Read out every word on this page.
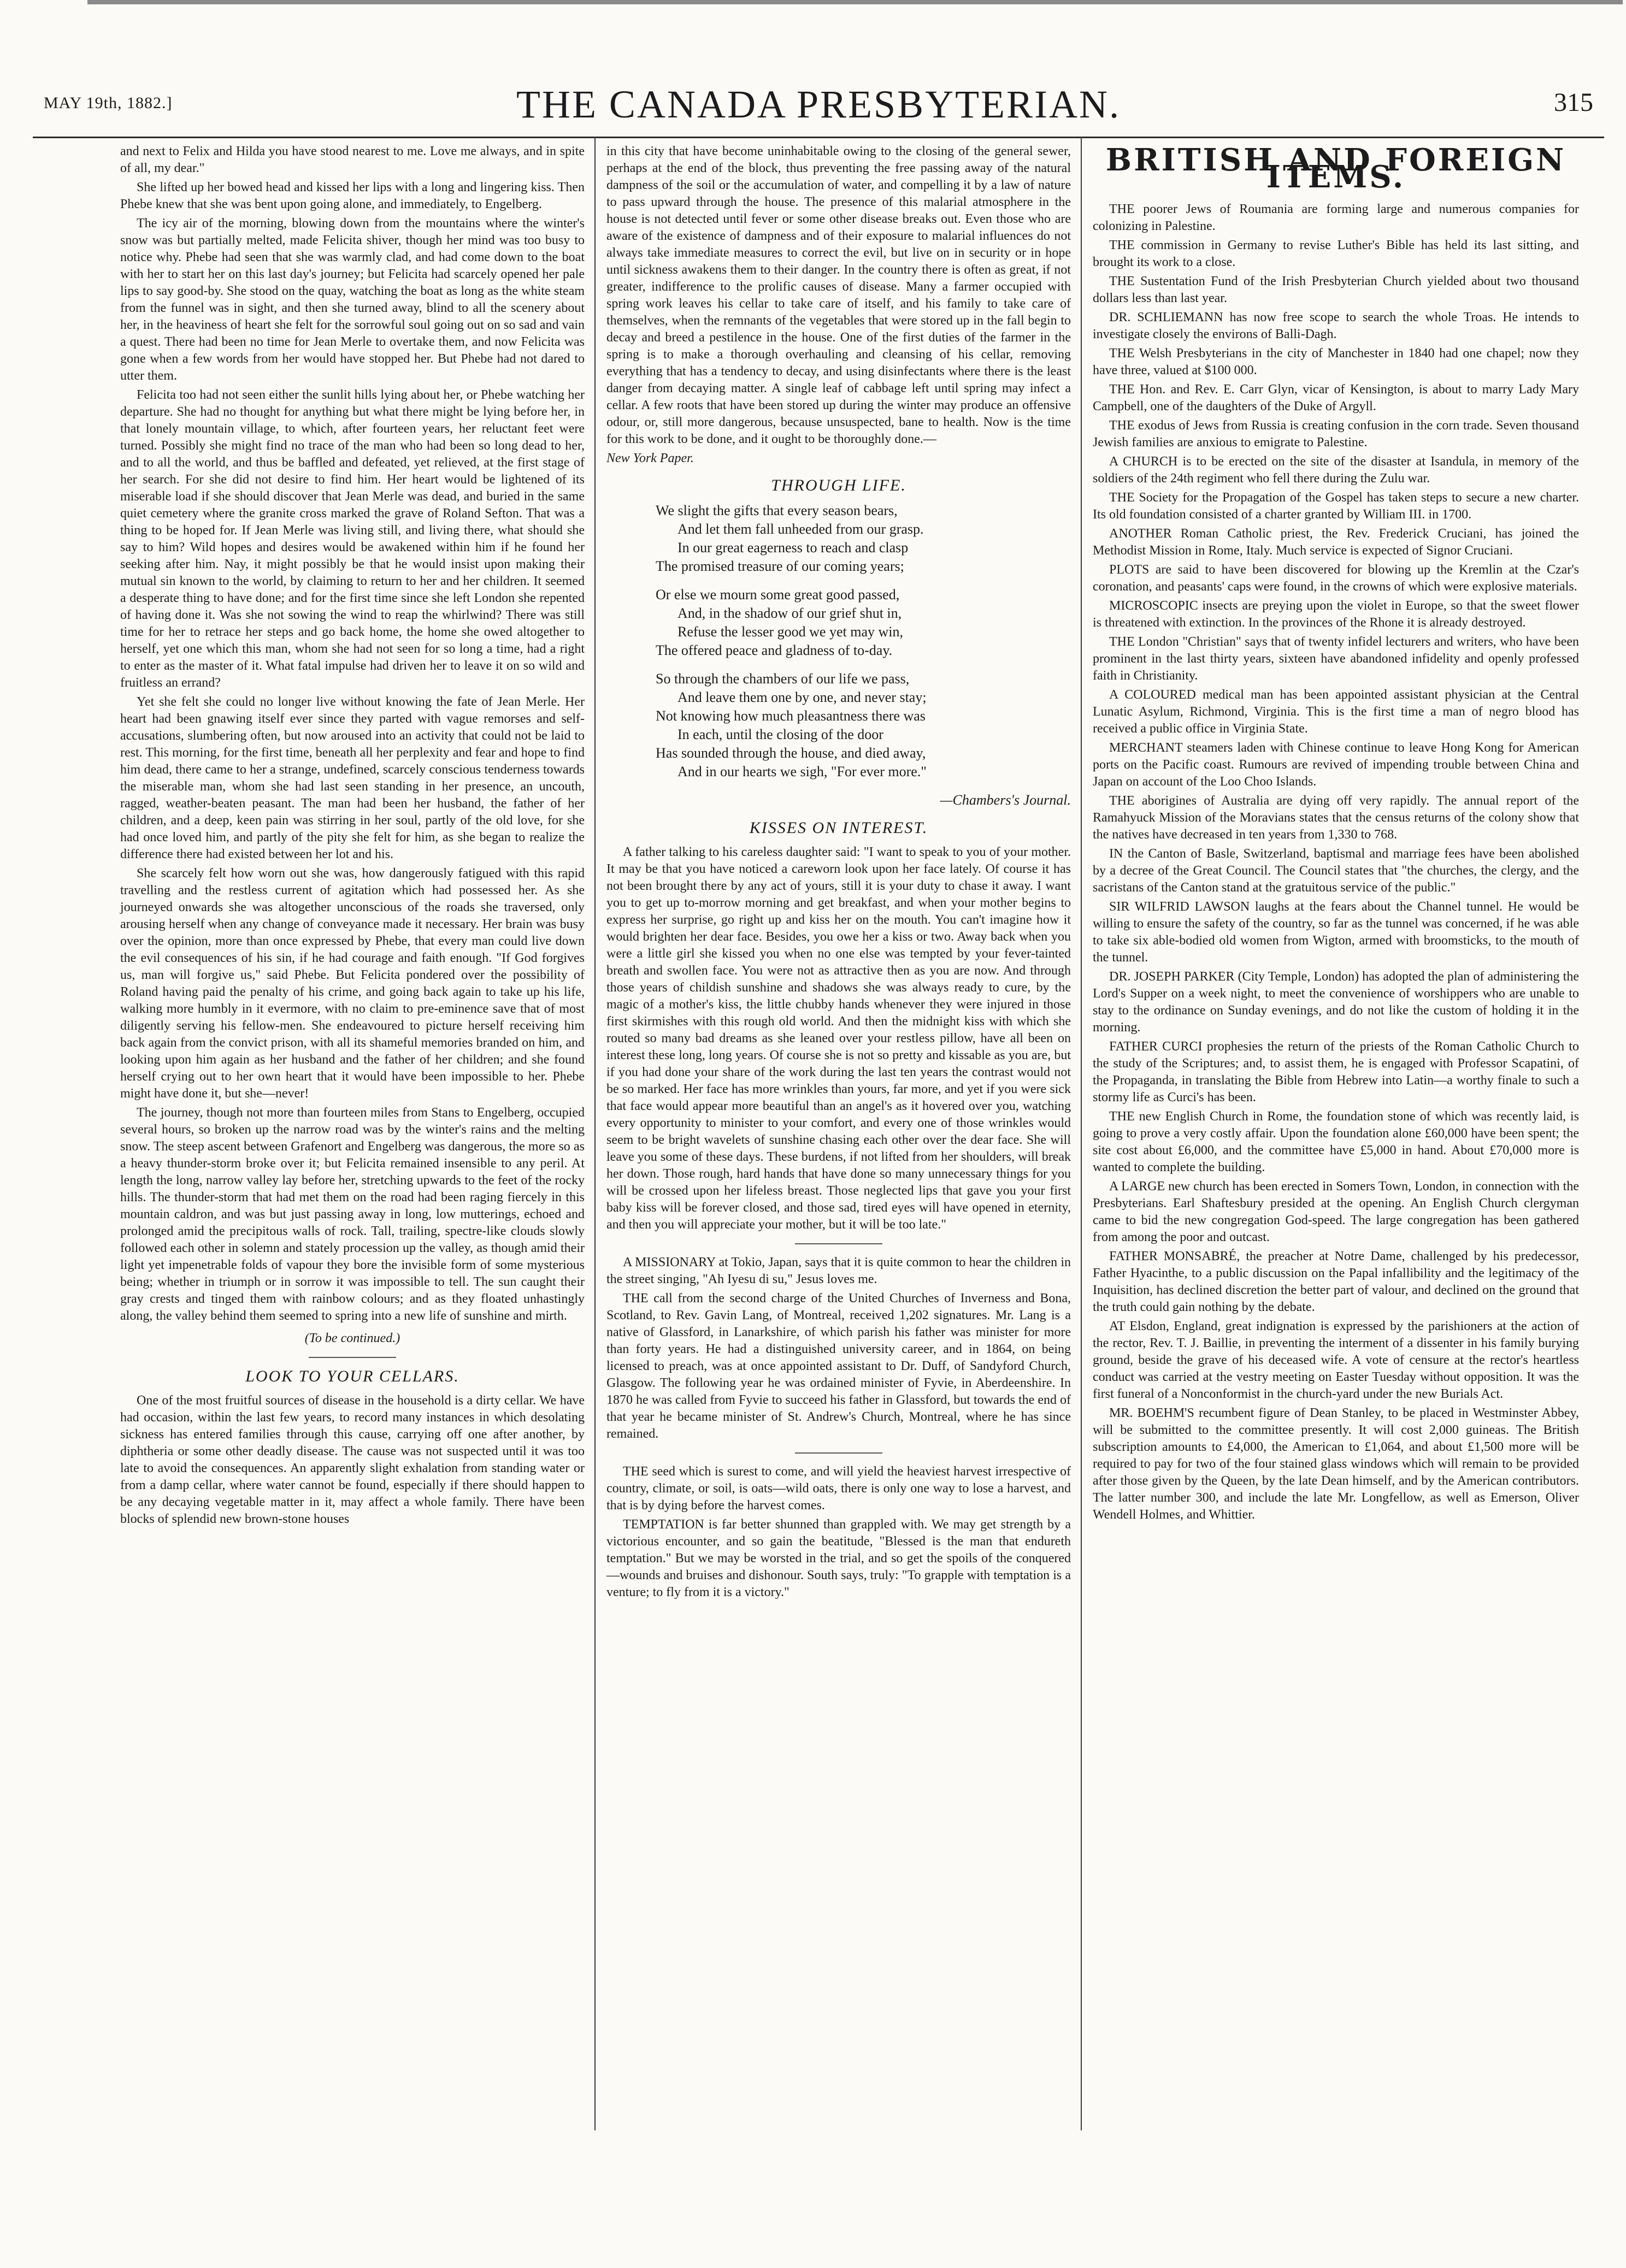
MAY 19th, 1882.]	THE CANADA PRESBYTERIAN.	315

and next to Felix and Hilda you have stood nearest to me. Love me always, and in spite of all, my dear."

She lifted up her bowed head and kissed her lips with a long and lingering kiss. Then Phebe knew that she was bent upon going alone, and immediately, to Engelberg.

The icy air of the morning, blowing down from the mountains where the winter's snow was but partially melted, made Felicita shiver, though her mind was too busy to notice why. Phebe had seen that she was warmly clad, and had come down to the boat with her to start her on this last day's journey; but Felicita had scarcely opened her pale lips to say good-by. She stood on the quay, watching the boat as long as the white steam from the funnel was in sight, and then she turned away, blind to all the scenery about her, in the heaviness of heart she felt for the sorrowful soul going out on so sad and vain a quest. There had been no time for Jean Merle to overtake them, and now Felicita was gone when a few words from her would have stopped her. But Phebe had not dared to utter them.

Felicita too had not seen either the sunlit hills lying about her, or Phebe watching her departure. She had no thought for anything but what there might be lying before her, in that lonely mountain village, to which, after fourteen years, her reluctant feet were turned. Possibly she might find no trace of the man who had been so long dead to her, and to all the world, and thus be baffled and defeated, yet relieved, at the first stage of her search. For she did not desire to find him. Her heart would be lightened of its miserable load if she should discover that Jean Merle was dead, and buried in the same quiet cemetery where the granite cross marked the grave of Roland Sefton. That was a thing to be hoped for. If Jean Merle was living still, and living there, what should she say to him? Wild hopes and desires would be awakened within him if he found her seeking after him. Nay, it might possibly be that he would insist upon making their mutual sin known to the world, by claiming to return to her and her children. It seemed a desperate thing to have done; and for the first time since she left London she repented of having done it. Was she not sowing the wind to reap the whirlwind? There was still time for her to retrace her steps and go back home, the home she owed altogether to herself, yet one which this man, whom she had not seen for so long a time, had a right to enter as the master of it. What fatal impulse had driven her to leave it on so wild and fruitless an errand?

Yet she felt she could no longer live without knowing the fate of Jean Merle. Her heart had been gnawing itself ever since they parted with vague remorses and self-accusations, slumbering often, but now aroused into an activity that could not be laid to rest. This morning, for the first time, beneath all her perplexity and fear and hope to find him dead, there came to her a strange, undefined, scarcely conscious tenderness towards the miserable man, whom she had last seen standing in her presence, an uncouth, ragged, weather-beaten peasant. The man had been her husband, the father of her children, and a deep, keen pain was stirring in her soul, partly of the old love, for she had once loved him, and partly of the pity she felt for him, as she began to realize the difference there had existed between her lot and his.

She scarcely felt how worn out she was, how dangerously fatigued with this rapid travelling and the restless current of agitation which had possessed her. As she journeyed onwards she was altogether unconscious of the roads she traversed, only arousing herself when any change of conveyance made it necessary. Her brain was busy over the opinion, more than once expressed by Phebe, that every man could live down the evil consequences of his sin, if he had courage and faith enough. "If God forgives us, man will forgive us," said Phebe. But Felicita pondered over the possibility of Roland having paid the penalty of his crime, and going back again to take up his life, walking more humbly in it evermore, with no claim to pre-eminence save that of most diligently serving his fellow-men. She endeavoured to picture herself receiving him back again from the convict prison, with all its shameful memories branded on him, and looking upon him again as her husband and the father of her children; and she found herself crying out to her own heart that it would have been impossible to her. Phebe might have done it, but she—never!

The journey, though not more than fourteen miles from Stans to Engelberg, occupied several hours, so broken up the narrow road was by the winter's rains and the melting snow. The steep ascent between Grafenort and Engelberg was dangerous, the more so as a heavy thunder-storm broke over it; but Felicita remained insensible to any peril. At length the long, narrow valley lay before her, stretching upwards to the feet of the rocky hills. The thunder-storm that had met them on the road had been raging fiercely in this mountain caldron, and was but just passing away in long, low mutterings, echoed and prolonged amid the precipitous walls of rock. Tall, trailing, spectre-like clouds slowly followed each other in solemn and stately procession up the valley, as though amid their light yet impenetrable folds of vapour they bore the invisible form of some mysterious being; whether in triumph or in sorrow it was impossible to tell. The sun caught their gray crests and tinged them with rainbow colours; and as they floated unhastingly along, the valley behind them seemed to spring into a new life of sunshine and mirth.

(To be continued.)
LOOK TO YOUR CELLARS.

One of the most fruitful sources of disease in the household is a dirty cellar. We have had occasion, within the last few years, to record many instances in which desolating sickness has entered families through this cause, carrying off one after another, by diphtheria or some other deadly disease. The cause was not suspected until it was too late to avoid the consequences. An apparently slight exhalation from standing water or from a damp cellar, where water cannot be found, especially if there should happen to be any decaying vegetable matter in it, may affect a whole family. There have been blocks of splendid new brown-stone houses

in this city that have become uninhabitable owing to the closing of the general sewer, perhaps at the end of the block, thus preventing the free passing away of the natural dampness of the soil or the accumulation of water, and compelling it by a law of nature to pass upward through the house. The presence of this malarial atmosphere in the house is not detected until fever or some other disease breaks out. Even those who are aware of the existence of dampness and of their exposure to malarial influences do not always take immediate measures to correct the evil, but live on in security or in hope until sickness awakens them to their danger. In the country there is often as great, if not greater, indifference to the prolific causes of disease. Many a farmer occupied with spring work leaves his cellar to take care of itself, and his family to take care of themselves, when the remnants of the vegetables that were stored up in the fall begin to decay and breed a pestilence in the house. One of the first duties of the farmer in the spring is to make a thorough overhauling and cleansing of his cellar, removing everything that has a tendency to decay, and using disinfectants where there is the least danger from decaying matter. A single leaf of cabbage left until spring may infect a cellar. A few roots that have been stored up during the winter may produce an offensive odour, or, still more dangerous, because unsuspected, bane to health. Now is the time for this work to be done, and it ought to be thoroughly done.—

New York Paper.
THROUGH LIFE.
We slight the gifts that every season bears,
And let them fall unheeded from our grasp.
In our great eagerness to reach and clasp
The promised treasure of our coming years;
Or else we mourn some great good passed,
And, in the shadow of our grief shut in,
Refuse the lesser good we yet may win,
The offered peace and gladness of to-day.
So through the chambers of our life we pass,
And leave them one by one, and never stay;
Not knowing how much pleasantness there was
In each, until the closing of the door
Has sounded through the house, and died away,
And in our hearts we sigh, "For ever more."
—Chambers's Journal.
KISSES ON INTEREST.

A father talking to his careless daughter said: "I want to speak to you of your mother. It may be that you have noticed a careworn look upon her face lately. Of course it has not been brought there by any act of yours, still it is your duty to chase it away. I want you to get up to-morrow morning and get breakfast, and when your mother begins to express her surprise, go right up and kiss her on the mouth. You can't imagine how it would brighten her dear face. Besides, you owe her a kiss or two. Away back when you were a little girl she kissed you when no one else was tempted by your fever-tainted breath and swollen face. You were not as attractive then as you are now. And through those years of childish sunshine and shadows she was always ready to cure, by the magic of a mother's kiss, the little chubby hands whenever they were injured in those first skirmishes with this rough old world. And then the midnight kiss with which she routed so many bad dreams as she leaned over your restless pillow, have all been on interest these long, long years. Of course she is not so pretty and kissable as you are, but if you had done your share of the work during the last ten years the contrast would not be so marked. Her face has more wrinkles than yours, far more, and yet if you were sick that face would appear more beautiful than an angel's as it hovered over you, watching every opportunity to minister to your comfort, and every one of those wrinkles would seem to be bright wavelets of sunshine chasing each other over the dear face. She will leave you some of these days. These burdens, if not lifted from her shoulders, will break her down. Those rough, hard hands that have done so many unnecessary things for you will be crossed upon her lifeless breast. Those neglected lips that gave you your first baby kiss will be forever closed, and those sad, tired eyes will have opened in eternity, and then you will appreciate your mother, but it will be too late."

A MISSIONARY at Tokio, Japan, says that it is quite common to hear the children in the street singing, "Ah Iyesu di su," Jesus loves me.

THE call from the second charge of the United Churches of Inverness and Bona, Scotland, to Rev. Gavin Lang, of Montreal, received 1,202 signatures. Mr. Lang is a native of Glassford, in Lanarkshire, of which parish his father was minister for more than forty years. He had a distinguished university career, and in 1864, on being licensed to preach, was at once appointed assistant to Dr. Duff, of Sandyford Church, Glasgow. The following year he was ordained minister of Fyvie, in Aberdeenshire. In 1870 he was called from Fyvie to succeed his father in Glassford, but towards the end of that year he became minister of St. Andrew's Church, Montreal, where he has since remained.

THE seed which is surest to come, and will yield the heaviest harvest irrespective of country, climate, or soil, is oats—wild oats, there is only one way to lose a harvest, and that is by dying before the harvest comes.

TEMPTATION is far better shunned than grappled with. We may get strength by a victorious encounter, and so gain the beatitude, "Blessed is the man that endureth temptation." But we may be worsted in the trial, and so get the spoils of the conquered—wounds and bruises and dishonour. South says, truly: "To grapple with temptation is a venture; to fly from it is a victory."

BRITISH AND FOREIGN ITEMS.

THE poorer Jews of Roumania are forming large and numerous companies for colonizing in Palestine.

THE commission in Germany to revise Luther's Bible has held its last sitting, and brought its work to a close.

THE Sustentation Fund of the Irish Presbyterian Church yielded about two thousand dollars less than last year.

DR. SCHLIEMANN has now free scope to search the whole Troas. He intends to investigate closely the environs of Balli-Dagh.

THE Welsh Presbyterians in the city of Manchester in 1840 had one chapel; now they have three, valued at $100 000.

THE Hon. and Rev. E. Carr Glyn, vicar of Kensington, is about to marry Lady Mary Campbell, one of the daughters of the Duke of Argyll.

THE exodus of Jews from Russia is creating confusion in the corn trade. Seven thousand Jewish families are anxious to emigrate to Palestine.

A CHURCH is to be erected on the site of the disaster at Isandula, in memory of the soldiers of the 24th regiment who fell there during the Zulu war.

THE Society for the Propagation of the Gospel has taken steps to secure a new charter. Its old foundation consisted of a charter granted by William III. in 1700.

ANOTHER Roman Catholic priest, the Rev. Frederick Cruciani, has joined the Methodist Mission in Rome, Italy. Much service is expected of Signor Cruciani.

PLOTS are said to have been discovered for blowing up the Kremlin at the Czar's coronation, and peasants' caps were found, in the crowns of which were explosive materials.

MICROSCOPIC insects are preying upon the violet in Europe, so that the sweet flower is threatened with extinction. In the provinces of the Rhone it is already destroyed.

THE London "Christian" says that of twenty infidel lecturers and writers, who have been prominent in the last thirty years, sixteen have abandoned infidelity and openly professed faith in Christianity.

A COLOURED medical man has been appointed assistant physician at the Central Lunatic Asylum, Richmond, Virginia. This is the first time a man of negro blood has received a public office in Virginia State.

MERCHANT steamers laden with Chinese continue to leave Hong Kong for American ports on the Pacific coast. Rumours are revived of impending trouble between China and Japan on account of the Loo Choo Islands.

THE aborigines of Australia are dying off very rapidly. The annual report of the Ramahyuck Mission of the Moravians states that the census returns of the colony show that the natives have decreased in ten years from 1,330 to 768.

IN the Canton of Basle, Switzerland, baptismal and marriage fees have been abolished by a decree of the Great Council. The Council states that "the churches, the clergy, and the sacristans of the Canton stand at the gratuitous service of the public."

SIR WILFRID LAWSON laughs at the fears about the Channel tunnel. He would be willing to ensure the safety of the country, so far as the tunnel was concerned, if he was able to take six able-bodied old women from Wigton, armed with broomsticks, to the mouth of the tunnel.

DR. JOSEPH PARKER (City Temple, London) has adopted the plan of administering the Lord's Supper on a week night, to meet the convenience of worshippers who are unable to stay to the ordinance on Sunday evenings, and do not like the custom of holding it in the morning.

FATHER CURCI prophesies the return of the priests of the Roman Catholic Church to the study of the Scriptures; and, to assist them, he is engaged with Professor Scapatini, of the Propaganda, in translating the Bible from Hebrew into Latin—a worthy finale to such a stormy life as Curci's has been.

THE new English Church in Rome, the foundation stone of which was recently laid, is going to prove a very costly affair. Upon the foundation alone £60,000 have been spent; the site cost about £6,000, and the committee have £5,000 in hand. About £70,000 more is wanted to complete the building.

A LARGE new church has been erected in Somers Town, London, in connection with the Presbyterians. Earl Shaftesbury presided at the opening. An English Church clergyman came to bid the new congregation God-speed. The large congregation has been gathered from among the poor and outcast.

FATHER MONSABRÉ, the preacher at Notre Dame, challenged by his predecessor, Father Hyacinthe, to a public discussion on the Papal infallibility and the legitimacy of the Inquisition, has declined discretion the better part of valour, and declined on the ground that the truth could gain nothing by the debate.

AT Elsdon, England, great indignation is expressed by the parishioners at the action of the rector, Rev. T. J. Baillie, in preventing the interment of a dissenter in his family burying ground, beside the grave of his deceased wife. A vote of censure at the rector's heartless conduct was carried at the vestry meeting on Easter Tuesday without opposition. It was the first funeral of a Nonconformist in the church-yard under the new Burials Act.

MR. BOEHM'S recumbent figure of Dean Stanley, to be placed in Westminster Abbey, will be submitted to the committee presently. It will cost 2,000 guineas. The British subscription amounts to £4,000, the American to £1,064, and about £1,500 more will be required to pay for two of the four stained glass windows which will remain to be provided after those given by the Queen, by the late Dean himself, and by the American contributors. The latter number 300, and include the late Mr. Longfellow, as well as Emerson, Oliver Wendell Holmes, and Whittier.
